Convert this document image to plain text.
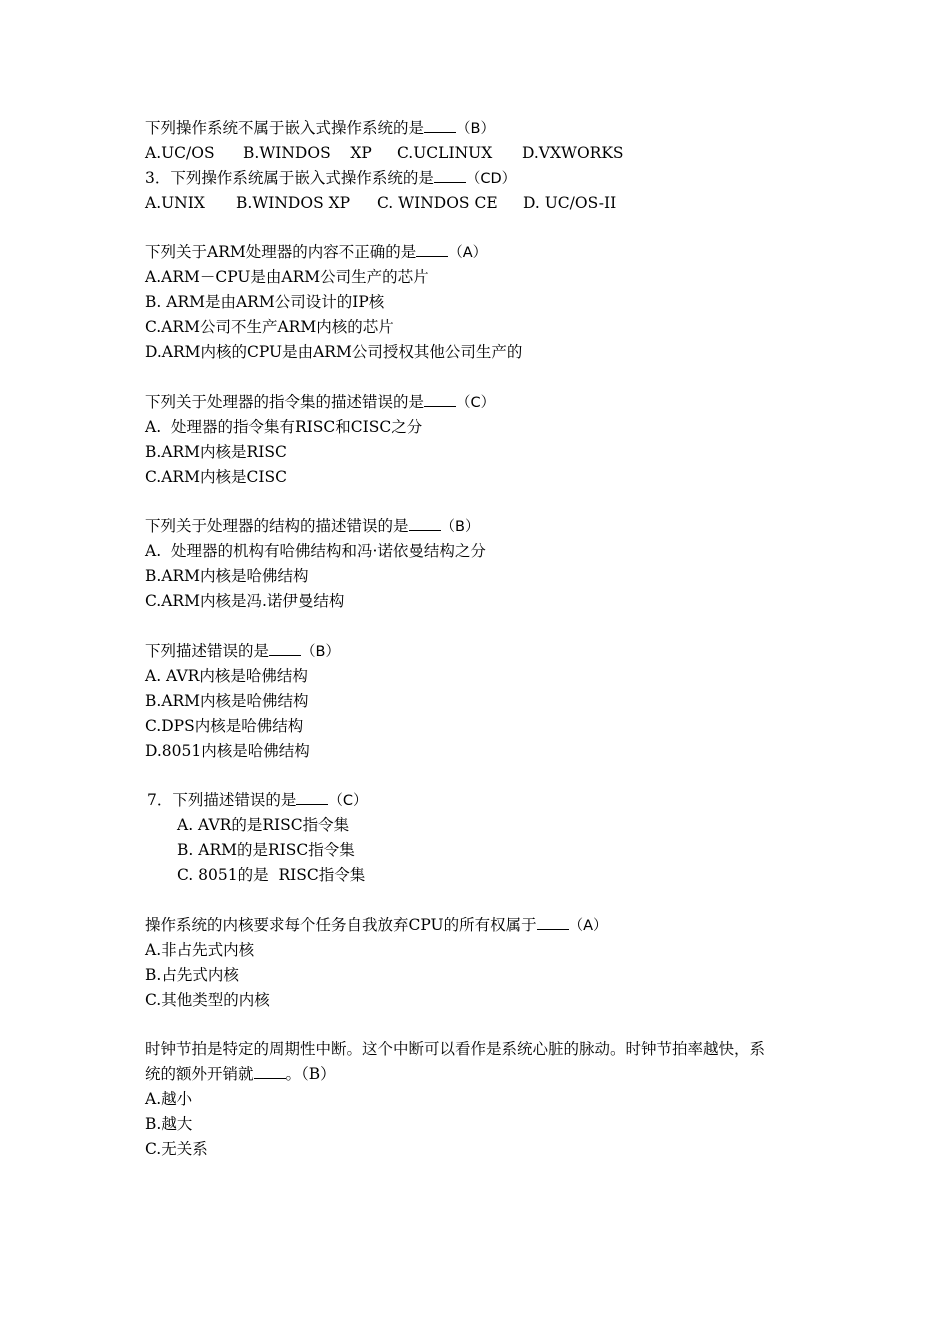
下列操作系统不属于嵌入式操作系统的是 （B）
A.UC/OS B.WINDOS    XP C.UCLINUX D.VXWORKS
3．下列操作系统属于嵌入式操作系统的是 （CD）
A.UNIX B.WINDOS XP C. WINDOS CE D. UC/OS-II
下列关于ARM处理器的内容不正确的是 （A）
A.ARM－CPU是由ARM公司生产的芯片
B. ARM是由ARM公司设计的IP核
C.ARM公司不生产ARM内核的芯片
D.ARM内核的CPU是由ARM公司授权其他公司生产的
下列关于处理器的指令集的描述错误的是 （C）
A.  处理器的指令集有RISC和CISC之分
B.ARM内核是RISC
C.ARM内核是CISC
下列关于处理器的结构的描述错误的是 （B）
A.  处理器的机构有哈佛结构和冯·诺依曼结构之分
B.ARM内核是哈佛结构
C.ARM内核是冯.诺伊曼结构
下列描述错误的是 （B）
A. AVR内核是哈佛结构
B.ARM内核是哈佛结构
C.DPS内核是哈佛结构
D.8051内核是哈佛结构
7．下列描述错误的是 （C）
A. AVR的是RISC指令集
B. ARM的是RISC指令集
C. 8051的是  RISC指令集
操作系统的内核要求每个任务自我放弃CPU的所有权属于 （A）
A.非占先式内核
B.占先式内核
C.其他类型的内核
时钟节拍是特定的周期性中断。这个中断可以看作是系统心脏的脉动。时钟节拍率越快，系
统的额外开销就 。（B）
A.越小
B.越大
C.无关系
